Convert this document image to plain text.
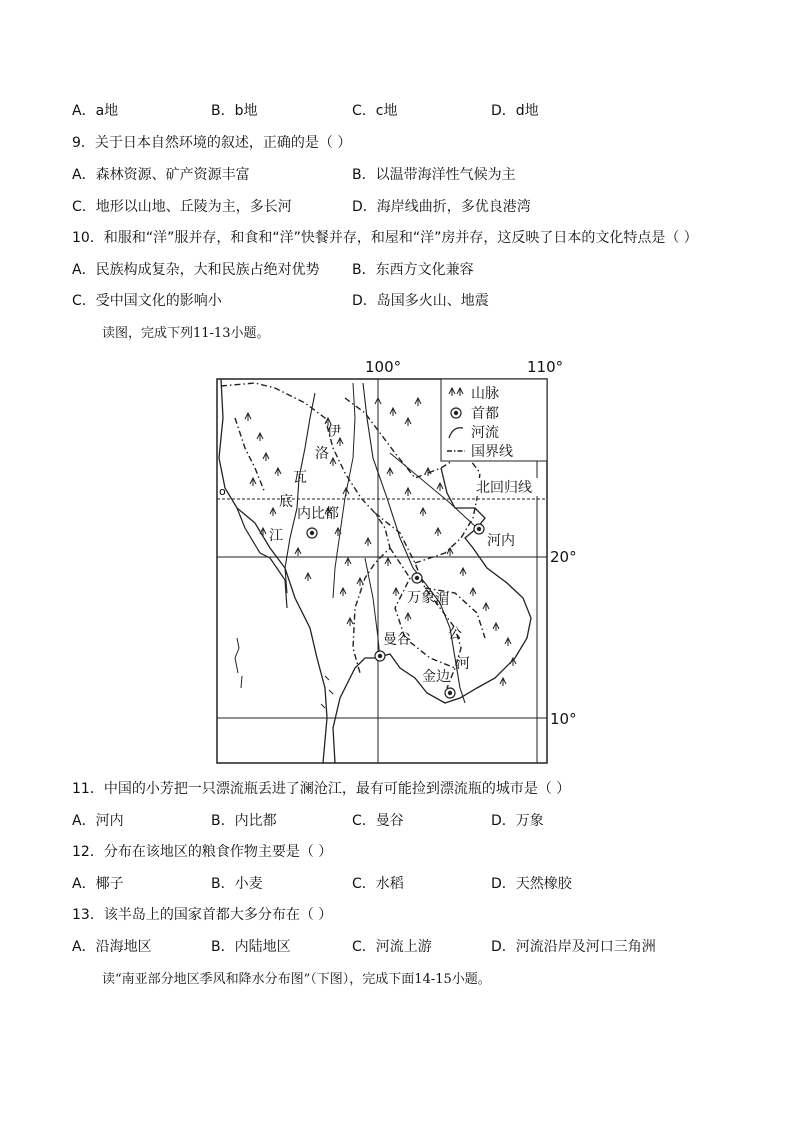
A．a地	B．b地	C．c地	D．d地
9．关于日本自然环境的叙述，正确的是（ ）
A．森林资源、矿产资源丰富	B．以温带海洋性气候为主
C．地形以山地、丘陵为主，多长河	D．海岸线曲折，多优良港湾
10．和服和“洋”服并存，和食和“洋”快餐并存，和屋和“洋”房并存，这反映了日本的文化特点是（ ）
A．民族构成复杂，大和民族占绝对优势 B．东西方文化兼容
C．受中国文化的影响小	D．岛国多火山、地震
读图，完成下列11-13小题。
100°	110°
20°
10°
山脉
首都
河流
国界线
北回归线
内比都
河内
万象
曼谷
金边
伊
洛
瓦
底
江
湄
公
河
o
11．中国的小芳把一只漂流瓶丢进了澜沧江，最有可能捡到漂流瓶的城市是（ ）
A．河内	B．内比都	C．曼谷	D．万象
12．分布在该地区的粮食作物主要是（ ）
A．椰子	B．小麦	C．水稻	D．天然橡胶
13．该半岛上的国家首都大多分布在（ ）
A．沿海地区	B．内陆地区	C．河流上游	D．河流沿岸及河口三角洲
读“南亚部分地区季风和降水分布图”（下图），完成下面14-15小题。
